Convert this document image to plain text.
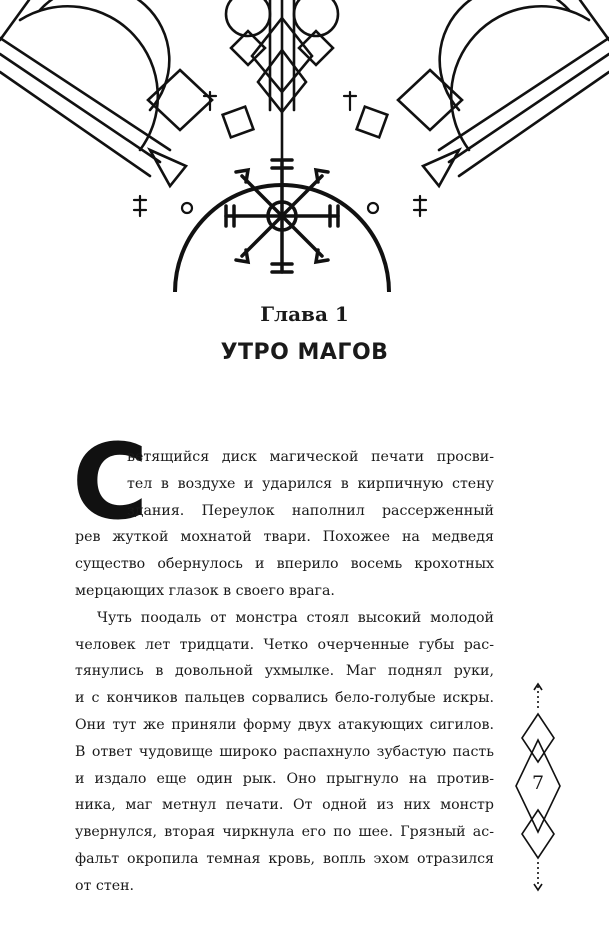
Глава 1
УТРО МАГОВ
С
ветящийся диск магической печати просви-
тел в воздухе и ударился в кирпичную стену
здания. Переулок наполнил рассерженный
рев жуткой мохнатой твари. Похожее на медведя
существо обернулось и вперило восемь крохотных
мерцающих глазок в своего врага.
Чуть поодаль от монстра стоял высокий молодой
человек лет тридцати. Четко очерченные губы рас-
тянулись в довольной ухмылке. Маг поднял руки,
и с кончиков пальцев сорвались бело-голубые искры.
Они тут же приняли форму двух атакующих сигилов.
В ответ чудовище широко распахнуло зубастую пасть
и издало еще один рык. Оно прыгнуло на против-
ника, маг метнул печати. От одной из них монстр
увернулся, вторая чиркнула его по шее. Грязный ас-
фальт окропила темная кровь, вопль эхом отразился
от стен.
7
